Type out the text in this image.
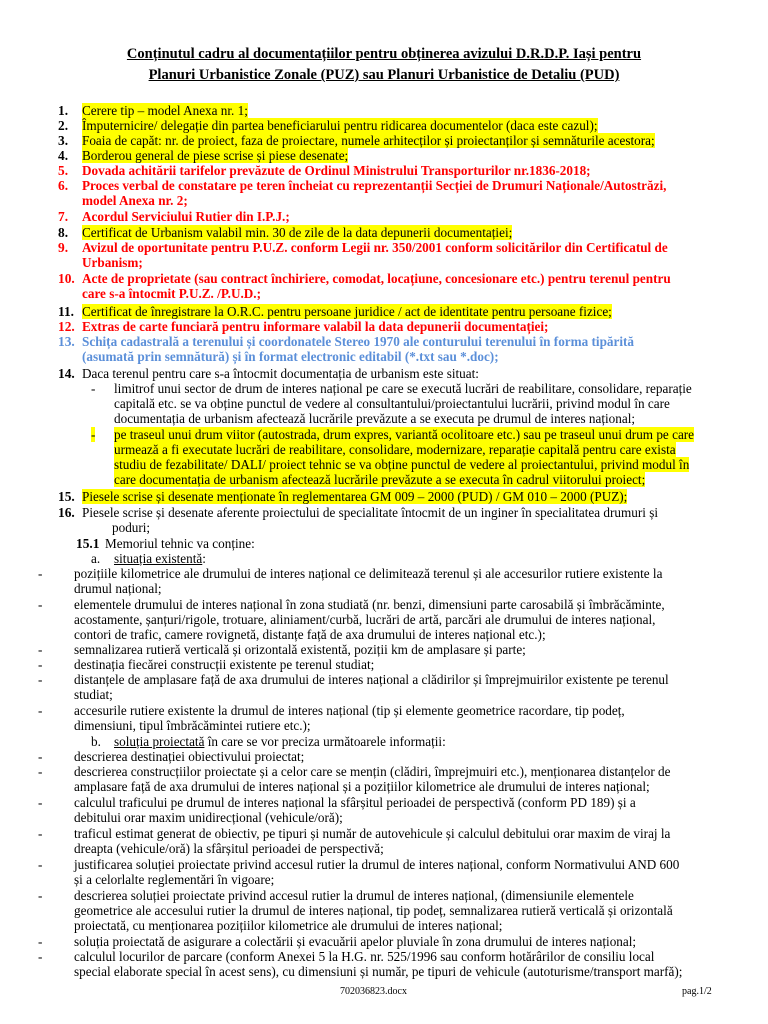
Conținutul cadru al documentațiilor pentru obținerea avizului D.R.D.P. Iași pentru
Planuri Urbanistice Zonale (PUZ) sau Planuri Urbanistice de Detaliu (PUD)
1. Cerere tip – model Anexa nr. 1;
2. Împuternicire/ delegație din partea beneficiarului pentru ridicarea documentelor (daca este cazul);
3. Foaia de capăt: nr. de proiect, faza de proiectare, numele arhitecților și proiectanților și semnăturile acestora;
4. Borderou general de piese scrise și piese desenate;
5. Dovada achitării tarifelor prevăzute de Ordinul Ministrului Transporturilor nr.1836-2018;
6. Proces verbal de constatare pe teren încheiat cu reprezentanții Secției de Drumuri Naționale/Autostrăzi,
model Anexa nr. 2;
7. Acordul Serviciului Rutier din I.P.J.;
8. Certificat de Urbanism valabil min. 30 de zile de la data depunerii documentației;
9. Avizul de oportunitate pentru P.U.Z. conform Legii nr. 350/2001 conform solicitărilor din Certificatul de
Urbanism;
10. Acte de proprietate (sau contract închiriere, comodat, locațiune, concesionare etc.) pentru terenul pentru
care s-a întocmit P.U.Z. /P.U.D.;
11. Certificat de înregistrare la O.R.C. pentru persoane juridice / act de identitate pentru persoane fizice;
12. Extras de carte funciară pentru informare valabil la data depunerii documentației;
13. Schița cadastrală a terenului și coordonatele Stereo 1970 ale conturului terenului în forma tipărită
(asumată prin semnătură) și în format electronic editabil (*.txt sau *.doc);
14. Daca terenul pentru care s-a întocmit documentația de urbanism este situat:
- limitrof unui sector de drum de interes național pe care se execută lucrări de reabilitare, consolidare, reparație
capitală etc. se va obține punctul de vedere al consultantului/proiectantului lucrării, privind modul în care
documentația de urbanism afectează lucrările prevăzute a se executa pe drumul de interes național;
- pe traseul unui drum viitor (autostrada, drum expres, variantă ocolitoare etc.) sau pe traseul unui drum pe care
urmează a fi executate lucrări de reabilitare, consolidare, modernizare, reparație capitală pentru care exista
studiu de fezabilitate/ DALI/ proiect tehnic se va obține punctul de vedere al proiectantului, privind modul în
care documentația de urbanism afectează lucrările prevăzute a se executa în cadrul viitorului proiect;
15. Piesele scrise și desenate menționate în reglementarea GM 009 – 2000 (PUD) / GM 010 – 2000 (PUZ);
16. Piesele scrise și desenate aferente proiectului de specialitate întocmit de un inginer în specialitatea drumuri și
poduri;
15.1 Memoriul tehnic va conține:
a. situația existentă:
- pozițiile kilometrice ale drumului de interes național ce delimitează terenul și ale accesurilor rutiere existente la
drumul național;
- elementele drumului de interes național în zona studiată (nr. benzi, dimensiuni parte carosabilă și îmbrăcăminte,
acostamente, șanțuri/rigole, trotuare, aliniament/curbă, lucrări de artă, parcări ale drumului de interes național,
contori de trafic, camere rovignetă, distanțe față de axa drumului de interes național etc.);
- semnalizarea rutieră verticală și orizontală existentă, poziții km de amplasare și parte;
- destinația fiecărei construcții existente pe terenul studiat;
- distanțele de amplasare față de axa drumului de interes național a clădirilor și împrejmuirilor existente pe terenul
studiat;
- accesurile rutiere existente la drumul de interes național (tip și elemente geometrice racordare, tip podeț,
dimensiuni, tipul îmbrăcămintei rutiere etc.);
b. soluția proiectată în care se vor preciza următoarele informații:
- descrierea destinației obiectivului proiectat;
- descrierea construcțiilor proiectate și a celor care se mențin (clădiri, împrejmuiri etc.), menționarea distanțelor de
amplasare față de axa drumului de interes național și a pozițiilor kilometrice ale drumului de interes național;
- calculul traficului pe drumul de interes național la sfârșitul perioadei de perspectivă (conform PD 189) și a
debitului orar maxim unidirecțional (vehicule/oră);
- traficul estimat generat de obiectiv, pe tipuri și număr de autovehicule și calculul debitului orar maxim de viraj la
dreapta (vehicule/oră) la sfârșitul perioadei de perspectivă;
- justificarea soluției proiectate privind accesul rutier la drumul de interes național, conform Normativului AND 600
și a celorlalte reglementări în vigoare;
- descrierea soluției proiectate privind accesul rutier la drumul de interes național, (dimensiunile elementele
geometrice ale accesului rutier la drumul de interes național, tip podeț, semnalizarea rutieră verticală și orizontală
proiectată, cu menționarea pozițiilor kilometrice ale drumului de interes național;
- soluția proiectată de asigurare a colectării și evacuării apelor pluviale în zona drumului de interes național;
- calculul locurilor de parcare (conform Anexei 5 la H.G. nr. 525/1996 sau conform hotărârilor de consiliu local
special elaborate special în acest sens), cu dimensiuni și număr, pe tipuri de vehicule (autoturisme/transport marfă);
702036823.docx	pag.1/2
